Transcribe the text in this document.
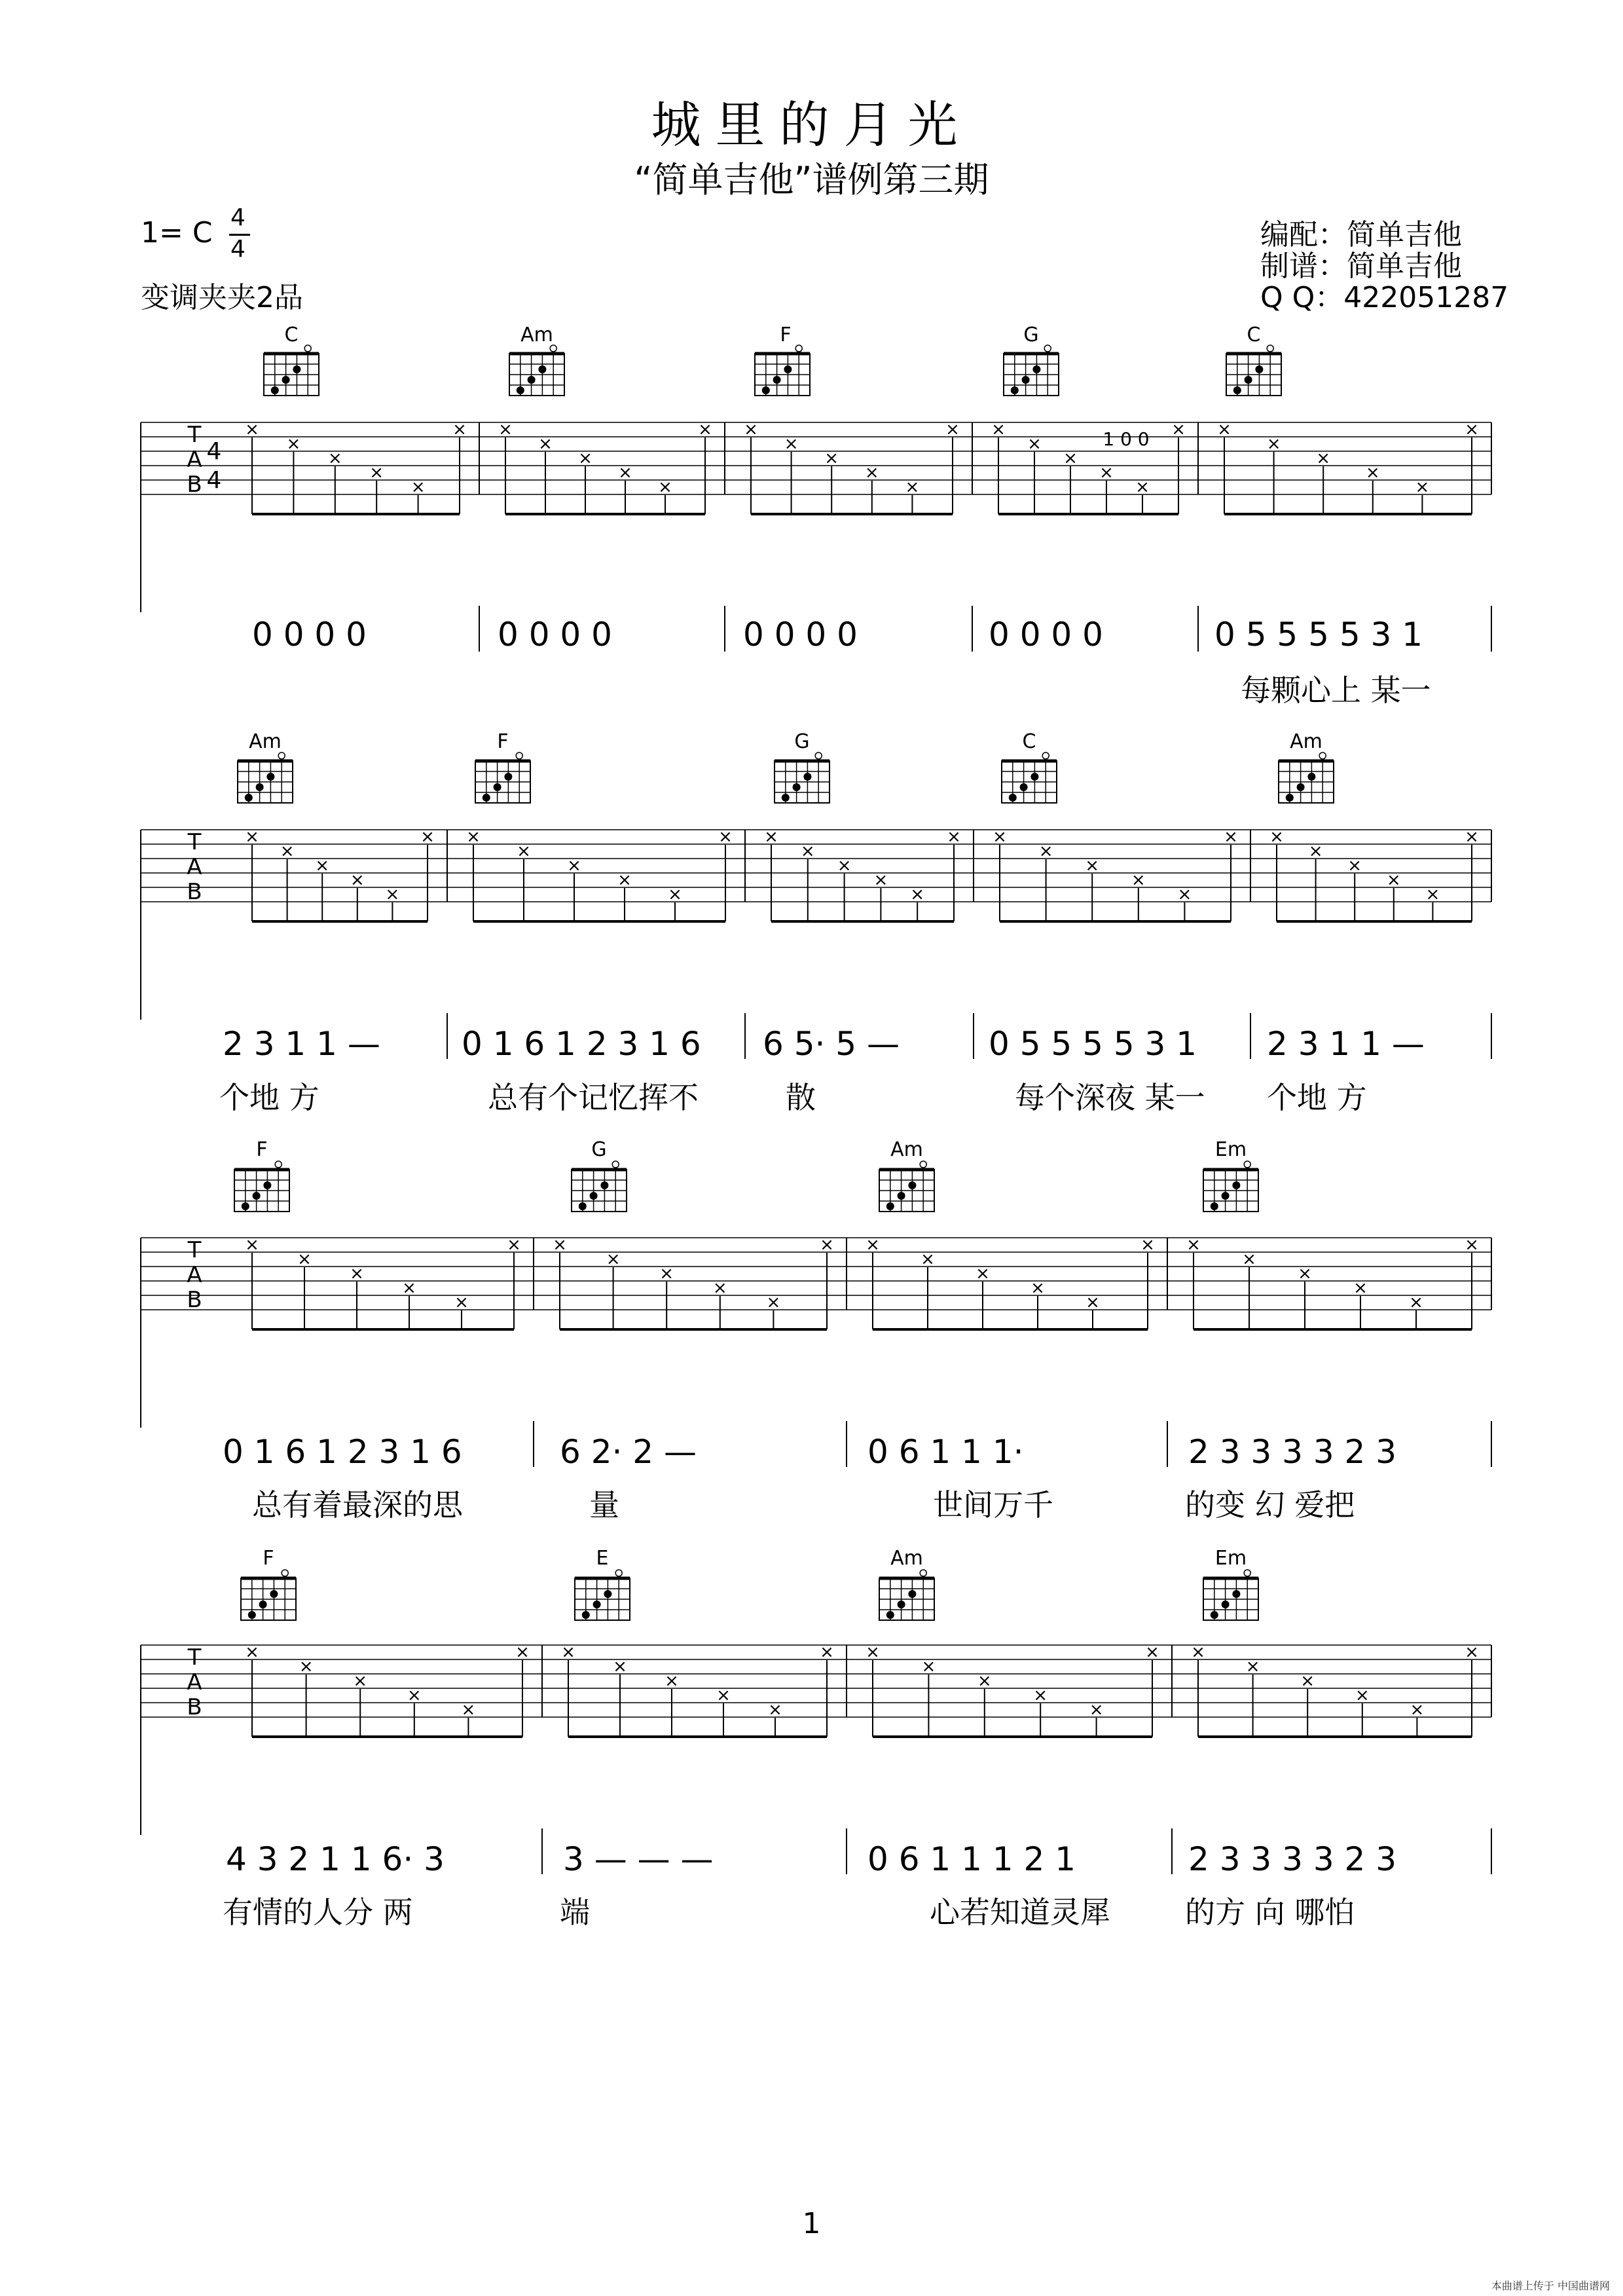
城里的月光
“简单吉他”谱例第三期
1= C 4
4
变调夹夹2品
编配：简单吉他
制谱：简单吉他
Q Q：422051287
T
A
B
4
4
×
×
×
×
×
× ×
×
×
×
×
× ×
×
×
×
×
× ×
×
×
×
×
× ×
×
×
×
×
×
1 0 0
T
A
B
×
×
×
×
×
× ×
×
×
×
×
× ×
×
×
×
×
× ×
×
×
×
×
× ×
×
×
×
×
×
T
A
B
×
×
×
×
×
× ×
×
×
×
×
× ×
×
×
×
×
× ×
×
×
×
×
×
T
A
B
×
×
×
×
×
× ×
×
×
×
×
× ×
×
×
×
×
× ×
×
×
×
×
×
C	Am	F	G	C
0 0 0 0	0 0 0 0	0 0 0 0	0 0 0 0	0 5 5 5 5 3 1
每颗心上 某一
Am	F	G	C	Am
2 3 1 1 — 0 1 6 1 2 3 1 6 6 5· 5 —	0 5 5 5 5 3 1 2 3 1 1 —
个地 方	总有个记忆挥不	散	每个深夜 某一 个地 方
F	G	Am	Em
0 1 6 1 2 3 1 6	6 2· 2 —	0 6 1 1 1·	2 3 3 3 3 2 3
总有着最深的思	量	世间万千	的变 幻 爱把
F	E	Am	Em
4 3 2 1 1 6· 3	3 — — —	0 6 1 1 1 2 1	2 3 3 3 3 2 3
有情的人分 两	端	心若知道灵犀 的方 向 哪怕
1
本曲谱上传于 中国曲谱网
